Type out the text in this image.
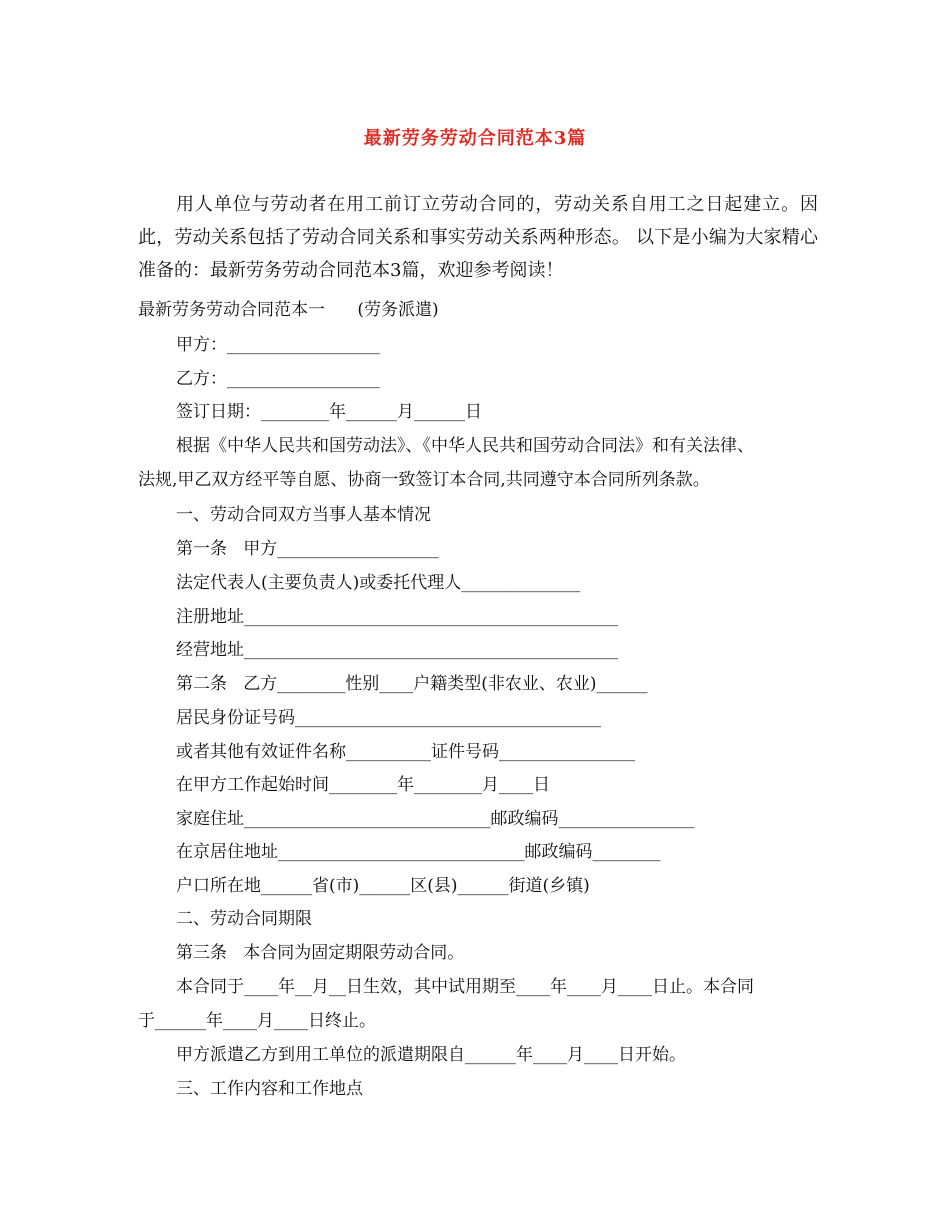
最新劳务劳动合同范本3篇

用人单位与劳动者在用工前订立劳动合同的，劳动关系自用工之日起建立。因此，劳动关系包括了劳动合同关系和事实劳动关系两种形态。 以下是小编为大家精心准备的：最新劳务劳动合同范本3篇，欢迎参考阅读！

最新劳务劳动合同范本一      (劳务派遣)

甲方：__________________

乙方：__________________

签订日期：________年______月______日

根据《中华人民共和国劳动法》、《中华人民共和国劳动合同法》和有关法律、

法规,甲乙双方经平等自愿、协商一致签订本合同,共同遵守本合同所列条款。

一、劳动合同双方当事人基本情况

第一条   甲方___________________

法定代表人(主要负责人)或委托代理人______________

注册地址____________________________________________

经营地址____________________________________________

第二条   乙方________性别____户籍类型(非农业、农业)______

居民身份证号码____________________________________

或者其他有效证件名称__________证件号码________________

在甲方工作起始时间________年________月____日

家庭住址_____________________________邮政编码________________

在京居住地址_____________________________邮政编码________

户口所在地______省(市)______区(县)______街道(乡镇)

二、劳动合同期限

第三条   本合同为固定期限劳动合同。

本合同于____年__月__日生效，其中试用期至____年____月____日止。本合同

于______年____月____日终止。

甲方派遣乙方到用工单位的派遣期限自______年____月____日开始。

三、工作内容和工作地点
